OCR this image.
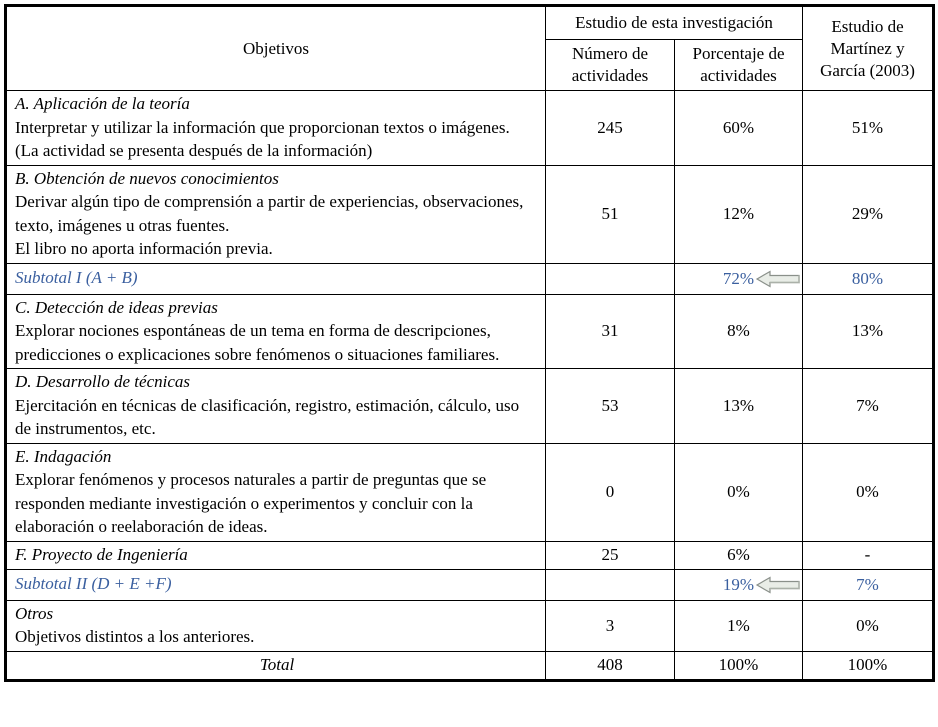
Objetivos	Estudio de esta investigación		Estudio de Martínez y García (2003)
	Número de actividades	Porcentaje de actividades	

A. Aplicación de la teoría
Interpretar y utilizar la información que proporcionan textos o imágenes.
(La actividad se presenta después de la información)	245	60%	51%

B. Obtención de nuevos conocimientos
Derivar algún tipo de comprensión a partir de experiencias, observaciones, texto, imágenes u otras fuentes.
El libro no aporta información previa.	51	12%	29%

Subtotal I (A + B)		72%	80%

C. Detección de ideas previas
Explorar nociones espontáneas de un tema en forma de descripciones, predicciones o explicaciones sobre fenómenos o situaciones familiares.	31	8%	13%

D. Desarrollo de técnicas
Ejercitación en técnicas de clasificación, registro, estimación, cálculo, uso de instrumentos, etc.	53	13%	7%

E. Indagación
Explorar fenómenos y procesos naturales a partir de preguntas que se responden mediante investigación o experimentos y concluir con la elaboración o reelaboración de ideas.	0	0%	0%

F. Proyecto de Ingeniería	25	6%	-

Subtotal II (D + E +F)		19%	7%

Otros
Objetivos distintos a los anteriores.	3	1%	0%

Total	408	100%	100%
